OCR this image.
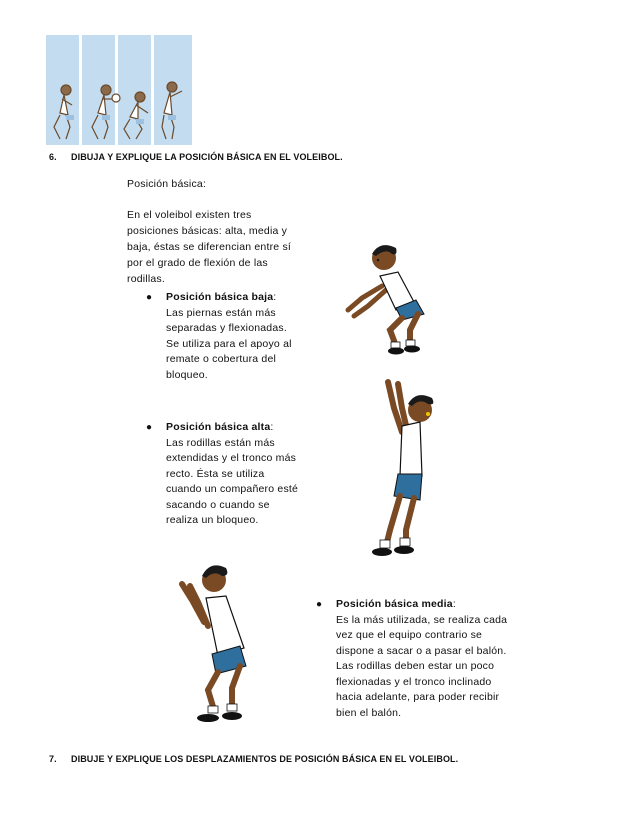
6. DIBUJA Y EXPLIQUE LA POSICIÓN BÁSICA EN EL VOLEIBOL.
Posición básica:
En el voleibol existen tres
posiciones básicas: alta, media y
baja, éstas se diferencian entre sí
por el grado de flexión de las
rodillas.
● Posición básica baja:
Las piernas están más
separadas y flexionadas.
Se utiliza para el apoyo al
remate o cobertura del
bloqueo.
● Posición básica alta:
Las rodillas están más
extendidas y el tronco más
recto. Ésta se utiliza
cuando un compañero esté
sacando o cuando se
realiza un bloqueo.
● Posición básica media:
Es la más utilizada, se realiza cada
vez que el equipo contrario se
dispone a sacar o a pasar el balón.
Las rodillas deben estar un poco
flexionadas y el tronco inclinado
hacia adelante, para poder recibir
bien el balón.
7. DIBUJE Y EXPLIQUE LOS DESPLAZAMIENTOS DE POSICIÓN BÁSICA EN EL VOLEIBOL.
